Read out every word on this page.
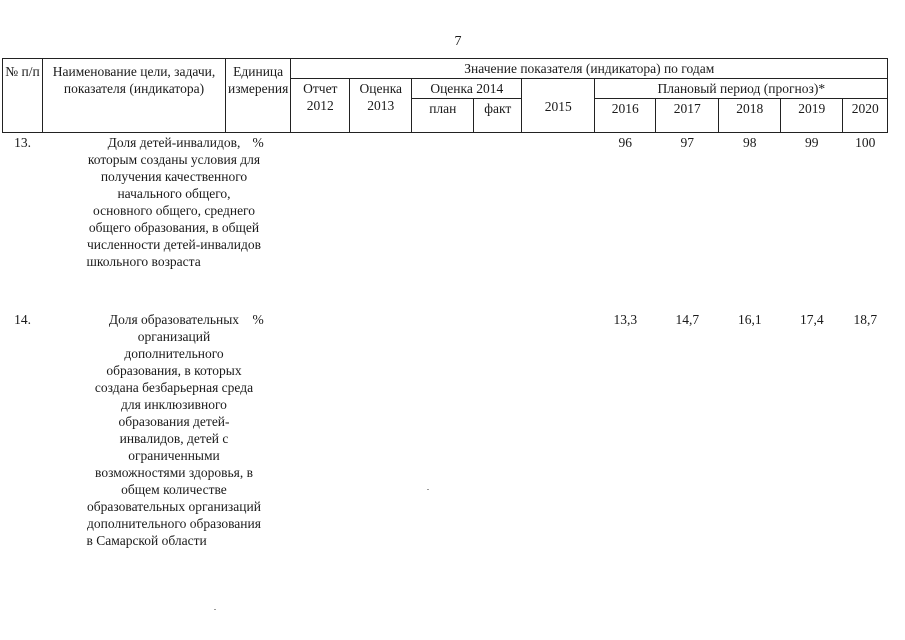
7
№ п/п	Наименование цели, задачи, показателя (индикатора)	Единица измерения	Значение показателя (индикатора) по годам
Отчет 2012	Оценка 2013	Оценка 2014	2015	Плановый период (прогноз)*
план	факт	2016	2017	2018	2019	2020

13.	Доля детей-инвалидов, которым созданы условия для получения качественного начального общего, основного общего, среднего общего образования, в общей численности детей-инвалидов школьного возраста	%						96	97	98	99	100
14.	Доля образовательных организаций дополнительного образования, в которых создана безбарьерная среда для инклюзивного образования детей-инвалидов, детей с ограниченными возможностями здоровья, в общем количестве образовательных организаций дополнительного образования в Самарской области	%						13,3	14,7	16,1	17,4	18,7
